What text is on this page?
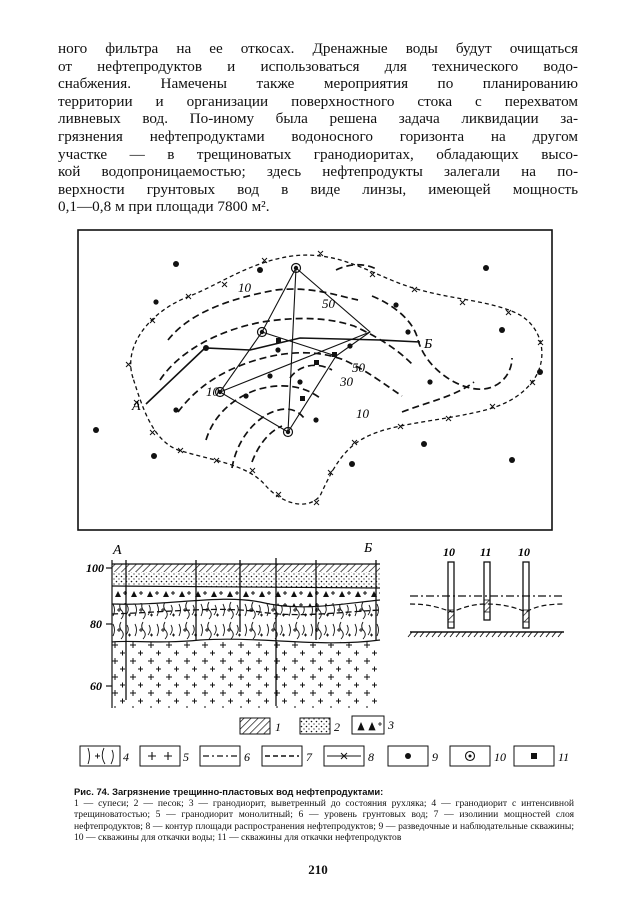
ного фильтра на ее откосах. Дренажные воды будут очищаться
от нефтепродуктов и использоваться для технического водо-
снабжения. Намечены также мероприятия по планированию
территории и организации поверхностного стока с перехватом
ливневых вод. По-иному была решена задача ликвидации за-
грязнения нефтепродуктами водоносного горизонта на другом
участке — в трещиноватых гранодиоритах, обладающих высо-
кой водопроницаемостью; здесь нефтепродукты залегали на по-
верхности грунтовых вод в виде линзы, имеющей мощность
0,1—0,8 м при площади 7800 м².
10
50
50
30
10
10
А
Б
А	Б
100
80
60
10 11 10
1	2	3
4	5	6	7	8	9	10	11
Рис. 74. Загрязнение трещинно-пластовых вод нефтепродуктами:
1 — супеси; 2 — песок; 3 — гранодиорит, выветренный до состояния рухляка; 4 — гранодиорит с интенсивной трещиноватостью; 5 — гранодиорит монолитный; 6 — уровень грунтовых вод; 7 — изолинии мощностей слоя нефтепродуктов; 8 — контур площади распространения нефтепродуктов; 9 — разведочные и наблюдательные скважины; 10 — скважины для откачки воды; 11 — скважины для откачки нефтепродуктов
210
